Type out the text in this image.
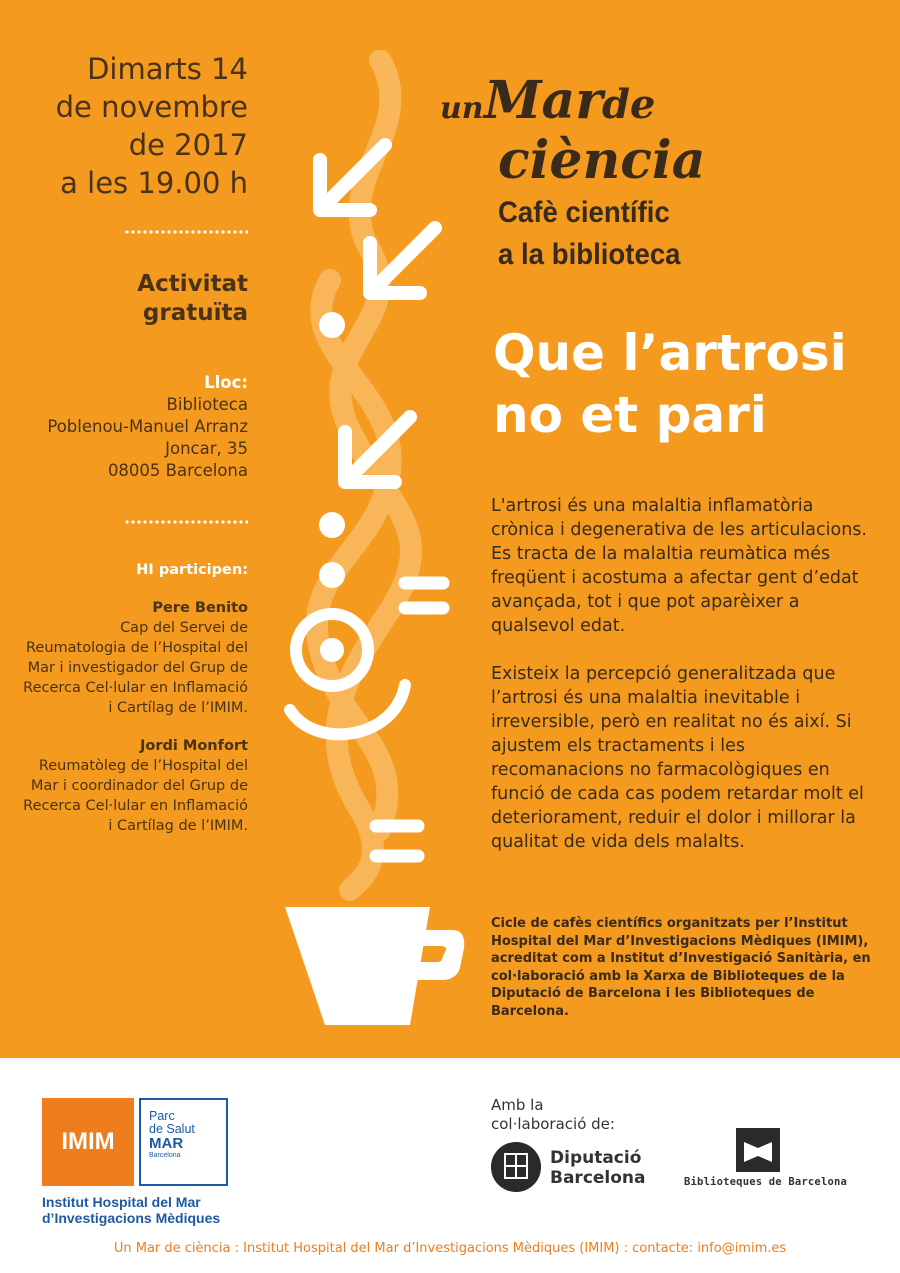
Dimarts 14
de novembre
de 2017
a les 19.00 h
Activitat
gratuïta
Lloc:
Biblioteca
Poblenou-Manuel Arranz
Joncar, 35
08005 Barcelona
HI participen:
Pere Benito
Cap del Servei de
Reumatologia de l’Hospital del
Mar i investigador del Grup de
Recerca Cel·lular en Inflamació
i Cartílag de l’IMIM.
Jordi Monfort
Reumatòleg de l’Hospital del
Mar i coordinador del Grup de
Recerca Cel·lular en Inflamació
i Cartílag de l’IMIM.
un Mar de
ciència
Cafè científic
a la biblioteca
Que l’artrosi
no et pari

L'artrosi és una malaltia inflamatòria crònica i degenerativa de les articulacions. Es tracta de la malaltia reumàtica més freqüent i acostuma a afectar gent d’edat avançada, tot i que pot aparèixer a qualsevol edat.

Existeix la percepció generalitzada que l’artrosi és una malaltia inevitable i irreversible, però en realitat no és així. Si ajustem els tractaments i les recomanacions no farmacològiques en funció de cada cas podem retardar molt el deteriorament, reduir el dolor i millorar la qualitat de vida dels malalts.

Cicle de cafès científics organitzats per l’Institut Hospital del Mar d’Investigacions Mèdiques (IMIM), acreditat com a Institut d’Investigació Sanitària, en col·laboració amb la Xarxa de Biblioteques de la Diputació de Barcelona i les Biblioteques de Barcelona.
IMIM
Parc
de Salut
MAR
Barcelona
Institut Hospital del Mar
d’Investigacions Mèdiques
Amb la
col·laboració de:
Diputació
Barcelona	Biblioteques de Barcelona
Un Mar de ciència : Institut Hospital del Mar d’Investigacions Mèdiques (IMIM) : contacte: info@imim.es
